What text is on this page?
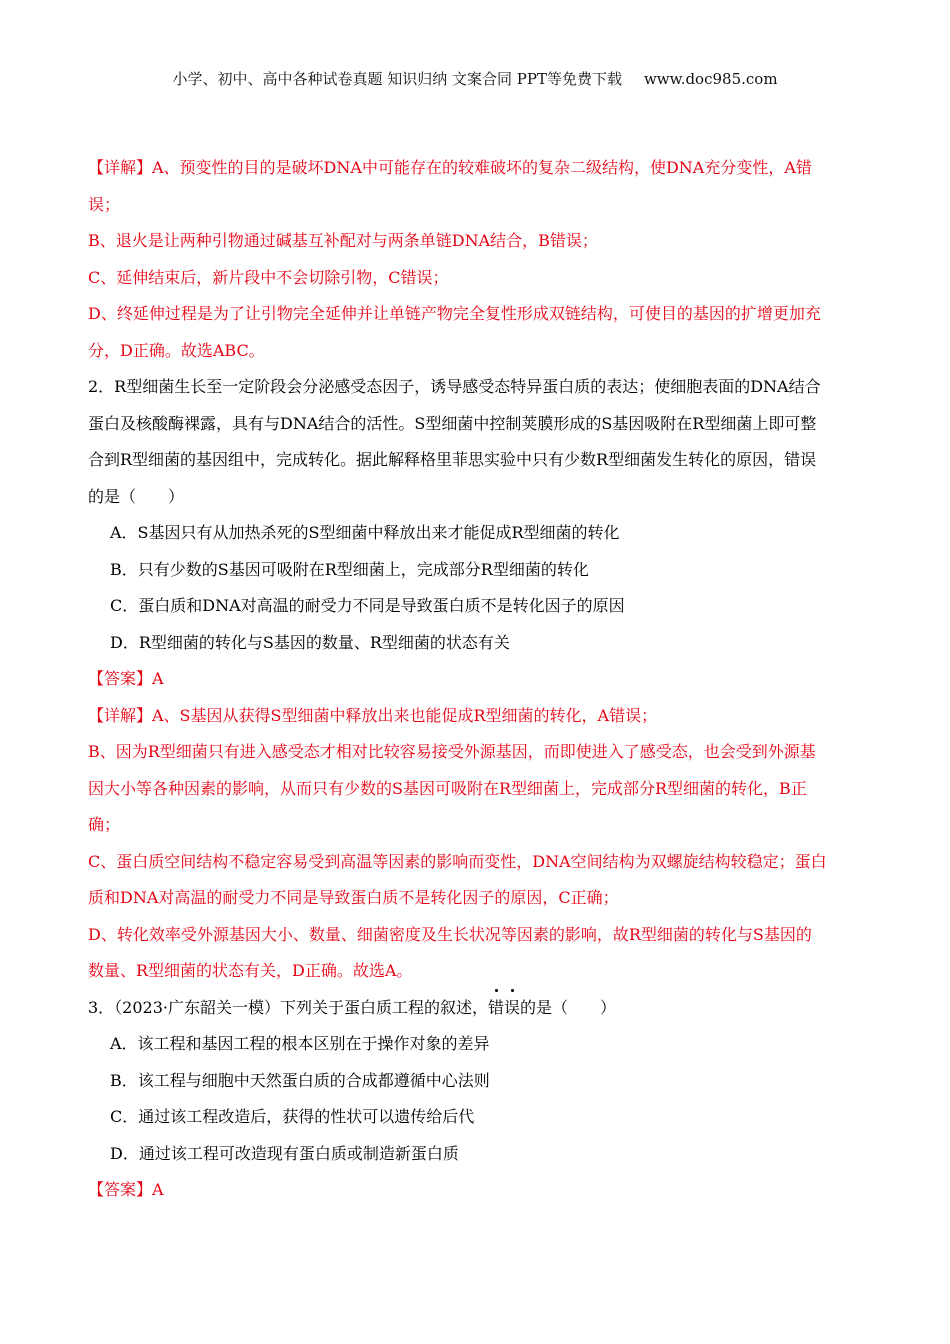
小学、初中、高中各种试卷真题 知识归纳 文案合同 PPT等免费下载 www.doc985.com
【详解】A、预变性的目的是破坏DNA中可能存在的较难破坏的复杂二级结构，使DNA充分变性，A错
误；
B、退火是让两种引物通过碱基互补配对与两条单链DNA结合，B错误；
C、延伸结束后，新片段中不会切除引物，C错误；
D、终延伸过程是为了让引物完全延伸并让单链产物完全复性形成双链结构，可使目的基因的扩增更加充
分，D正确。故选ABC。
2．R型细菌生长至一定阶段会分泌感受态因子，诱导感受态特异蛋白质的表达；使细胞表面的DNA结合
蛋白及核酸酶裸露，具有与DNA结合的活性。S型细菌中控制荚膜形成的S基因吸附在R型细菌上即可整
合到R型细菌的基因组中，完成转化。据此解释格里菲思实验中只有少数R型细菌发生转化的原因，错误
的是（　　）
A．S基因只有从加热杀死的S型细菌中释放出来才能促成R型细菌的转化
B．只有少数的S基因可吸附在R型细菌上，完成部分R型细菌的转化
C．蛋白质和DNA对高温的耐受力不同是导致蛋白质不是转化因子的原因
D．R型细菌的转化与S基因的数量、R型细菌的状态有关
【答案】A
【详解】A、S基因从获得S型细菌中释放出来也能促成R型细菌的转化，A错误；
B、因为R型细菌只有进入感受态才相对比较容易接受外源基因，而即使进入了感受态，也会受到外源基
因大小等各种因素的影响，从而只有少数的S基因可吸附在R型细菌上，完成部分R型细菌的转化，B正
确；
C、蛋白质空间结构不稳定容易受到高温等因素的影响而变性，DNA空间结构为双螺旋结构较稳定；蛋白
质和DNA对高温的耐受力不同是导致蛋白质不是转化因子的原因，C正确；
D、转化效率受外源基因大小、数量、细菌密度及生长状况等因素的影响，故R型细菌的转化与S基因的
数量、R型细菌的状态有关，D正确。故选A。
3．（2023·广东韶关一模）下列关于蛋白质工程的叙述，错误的是（　　）
A．该工程和基因工程的根本区别在于操作对象的差异
B．该工程与细胞中天然蛋白质的合成都遵循中心法则
C．通过该工程改造后，获得的性状可以遗传给后代
D．通过该工程可改造现有蛋白质或制造新蛋白质
【答案】A
